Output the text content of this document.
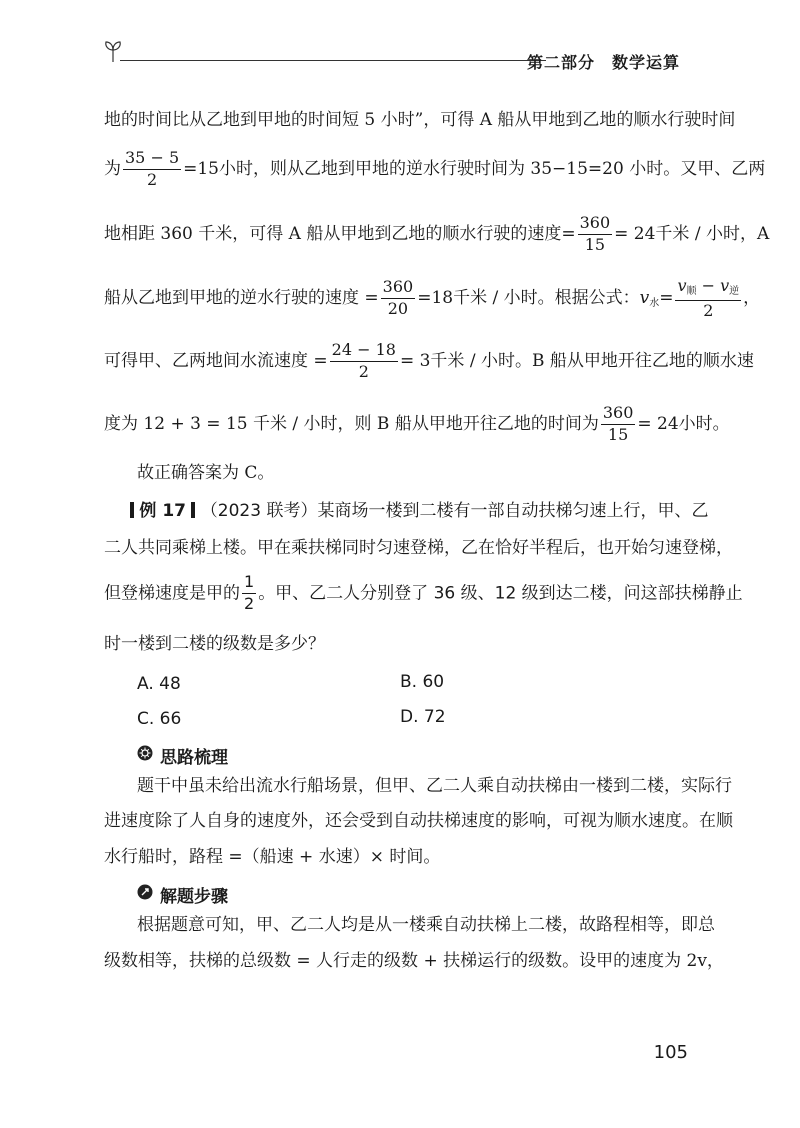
第二部分　数学运算
地的时间比从乙地到甲地的时间短 5 小时”，可得 A 船从甲地到乙地的顺水行驶时间
为 $\frac{35 - 5}{2} =15$小时，则从乙地到甲地的逆水行驶时间为 35−15=20 小时。又甲、乙两
地相距 360 千米，可得 A 船从甲地到乙地的顺水行驶的速度= $\frac{360}{15} = 24$千米 / 小时，A
船从乙地到甲地的逆水行驶的速度 = $\frac{360}{20} =18$千米 / 小时。根据公式：$v_水= \frac{v_顺 - v_逆}{2}$ ，
可得甲、乙两地间水流速度 = $\frac{24 - 18}{2} = 3$千米 / 小时。B 船从甲地开往乙地的顺水速
度为 12 + 3 = 15 千米 / 小时，则 B 船从甲地开往乙地的时间为 $\frac{360}{15} = 24$小时。
故正确答案为 C。
例 17 （2023 联考）某商场一楼到二楼有一部自动扶梯匀速上行，甲、乙
二人共同乘梯上楼。甲在乘扶梯同时匀速登梯，乙在恰好半程后，也开始匀速登梯，
但登梯速度是甲的 $\frac{1}{2}$ 。甲、乙二人分别登了 36 级、12 级到达二楼，问这部扶梯静止
时一楼到二楼的级数是多少？
A. 48	B. 60
C. 66	D. 72
思路梳理
题干中虽未给出流水行船场景，但甲、乙二人乘自动扶梯由一楼到二楼，实际行
进速度除了人自身的速度外，还会受到自动扶梯速度的影响，可视为顺水速度。在顺
水行船时，路程 =（船速 + 水速）× 时间。
解题步骤
根据题意可知，甲、乙二人均是从一楼乘自动扶梯上二楼，故路程相等，即总
级数相等，扶梯的总级数 = 人行走的级数 + 扶梯运行的级数。设甲的速度为 2v，
105
